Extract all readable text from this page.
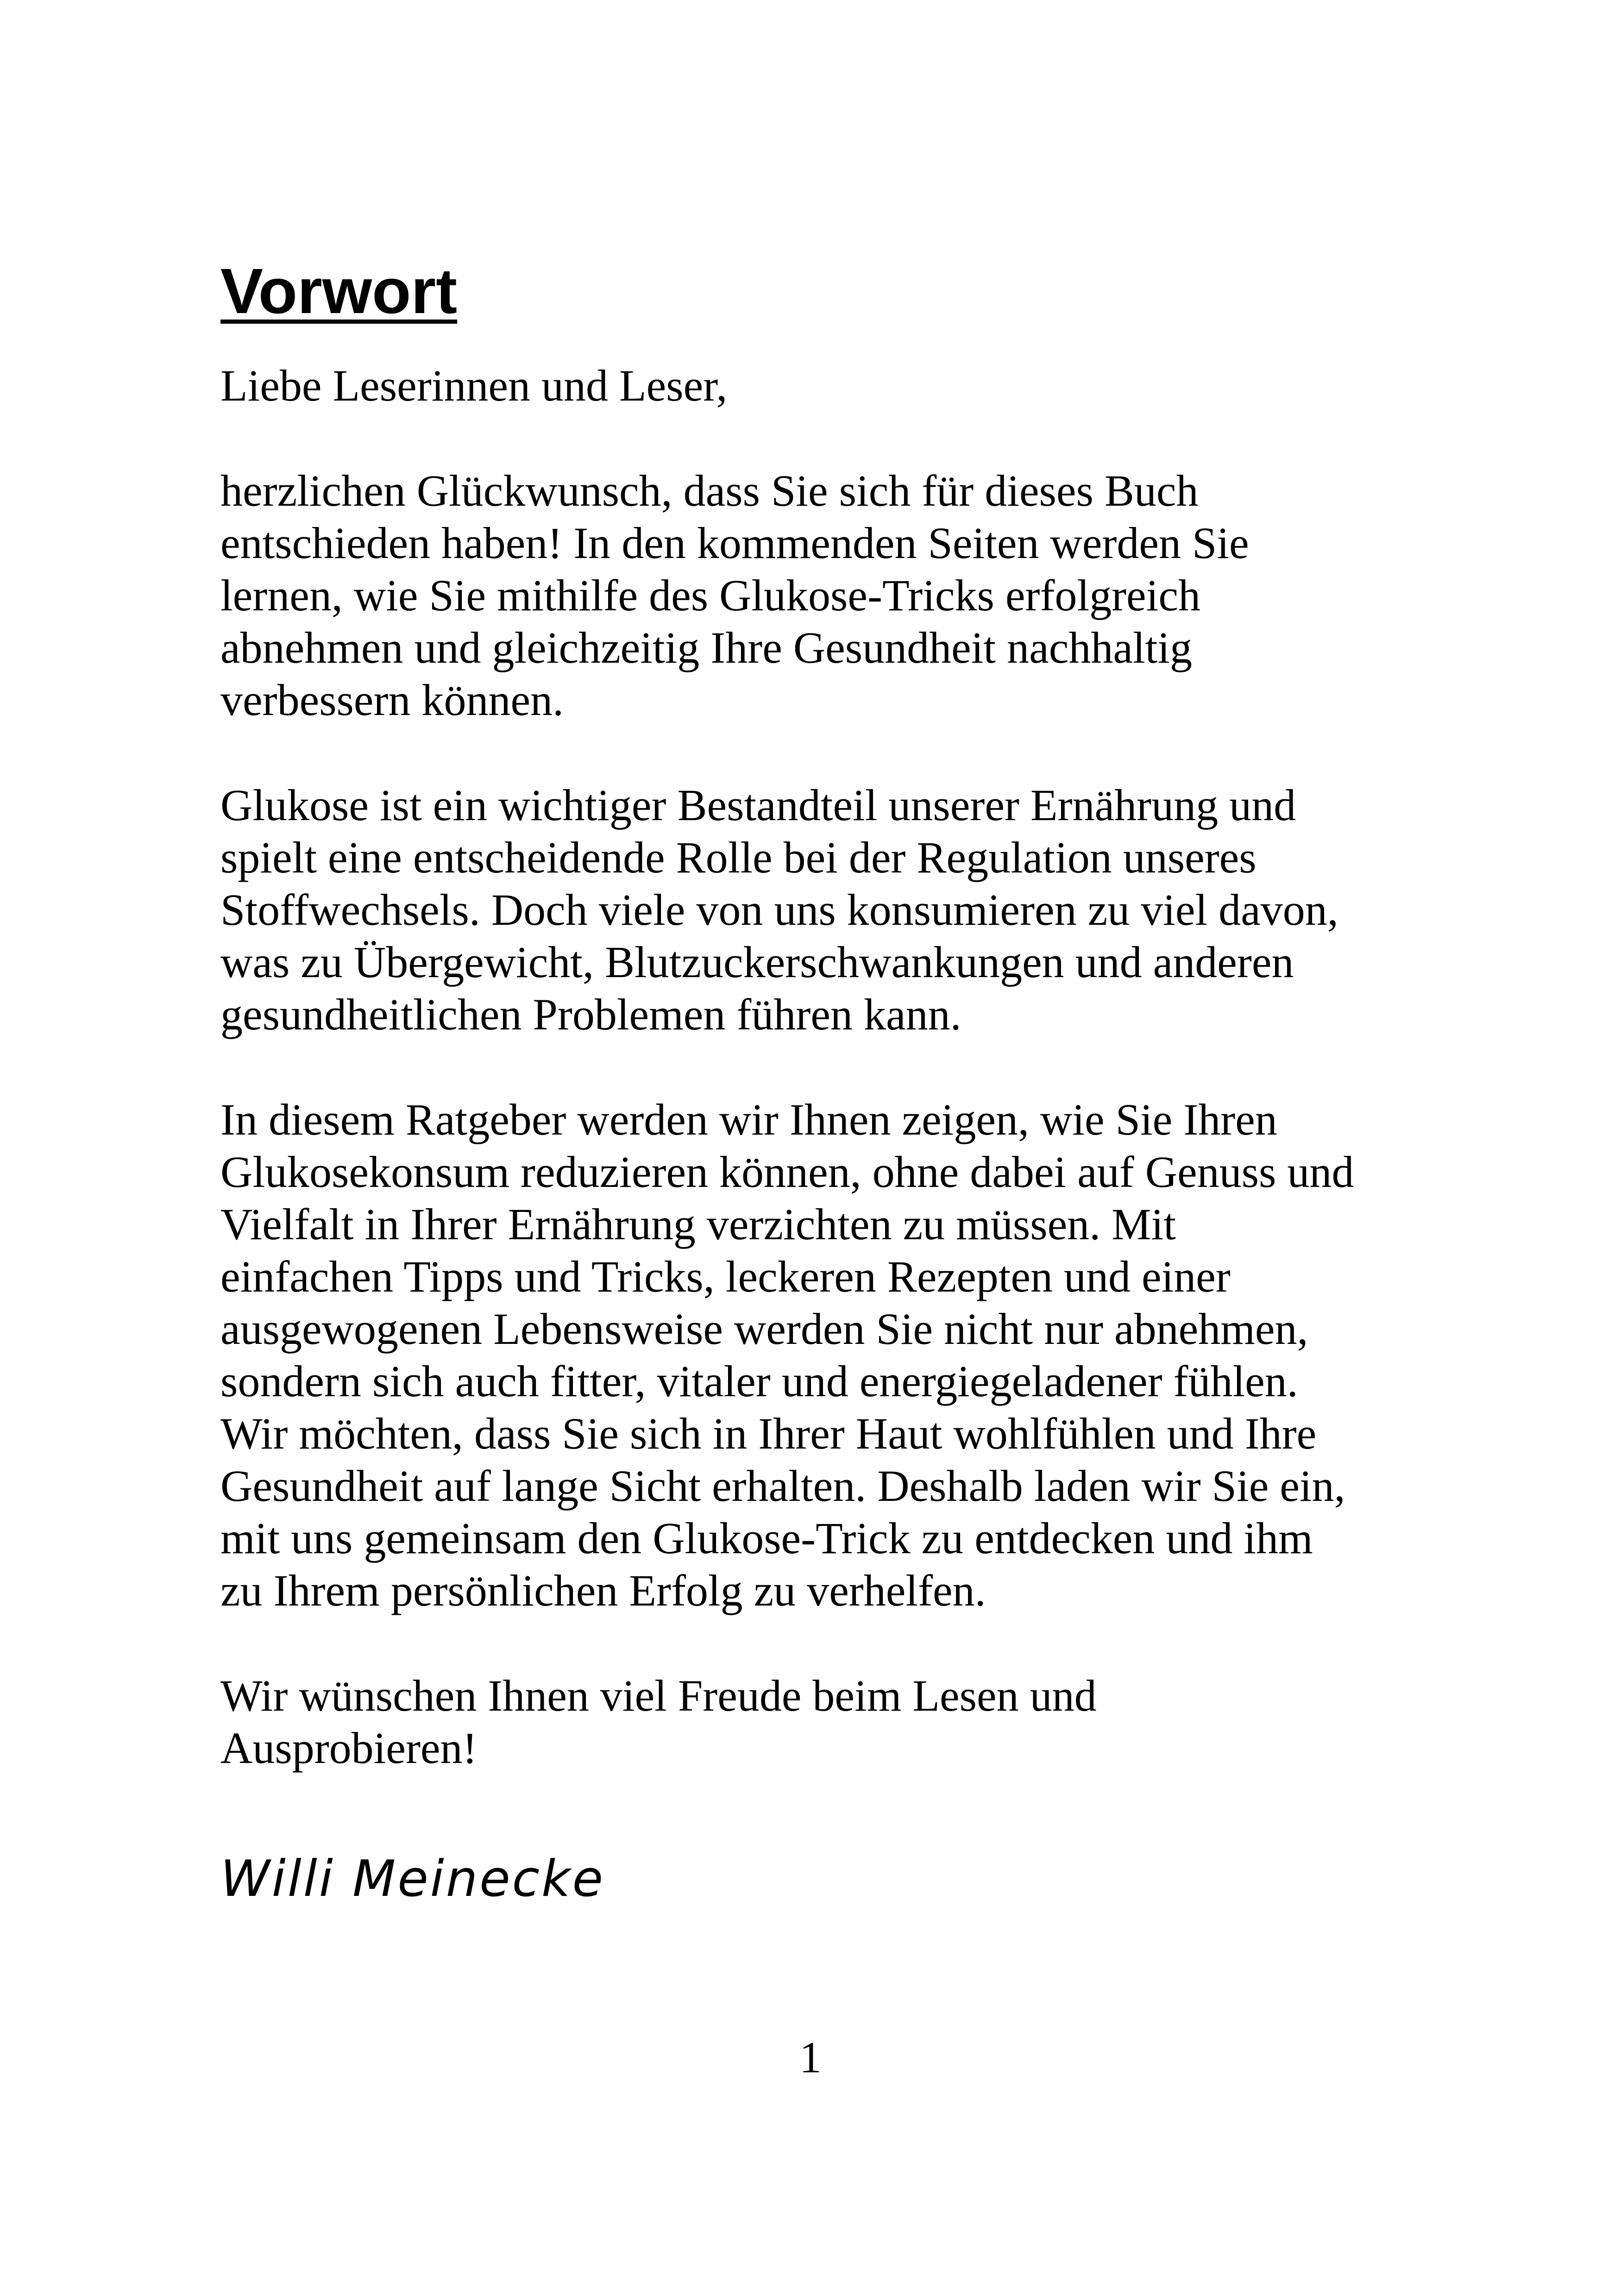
Vorwort

Liebe Leserinnen und Leser,

herzlichen Glückwunsch, dass Sie sich für dieses Buch
entschieden haben! In den kommenden Seiten werden Sie
lernen, wie Sie mithilfe des Glukose-Tricks erfolgreich
abnehmen und gleichzeitig Ihre Gesundheit nachhaltig
verbessern können.

Glukose ist ein wichtiger Bestandteil unserer Ernährung und
spielt eine entscheidende Rolle bei der Regulation unseres
Stoffwechsels. Doch viele von uns konsumieren zu viel davon,
was zu Übergewicht, Blutzuckerschwankungen und anderen
gesundheitlichen Problemen führen kann.

In diesem Ratgeber werden wir Ihnen zeigen, wie Sie Ihren
Glukosekonsum reduzieren können, ohne dabei auf Genuss und
Vielfalt in Ihrer Ernährung verzichten zu müssen. Mit
einfachen Tipps und Tricks, leckeren Rezepten und einer
ausgewogenen Lebensweise werden Sie nicht nur abnehmen,
sondern sich auch fitter, vitaler und energiegeladener fühlen.
Wir möchten, dass Sie sich in Ihrer Haut wohlfühlen und Ihre
Gesundheit auf lange Sicht erhalten. Deshalb laden wir Sie ein,
mit uns gemeinsam den Glukose-Trick zu entdecken und ihm
zu Ihrem persönlichen Erfolg zu verhelfen.

Wir wünschen Ihnen viel Freude beim Lesen und
Ausprobieren!

Willi Meinecke
1
